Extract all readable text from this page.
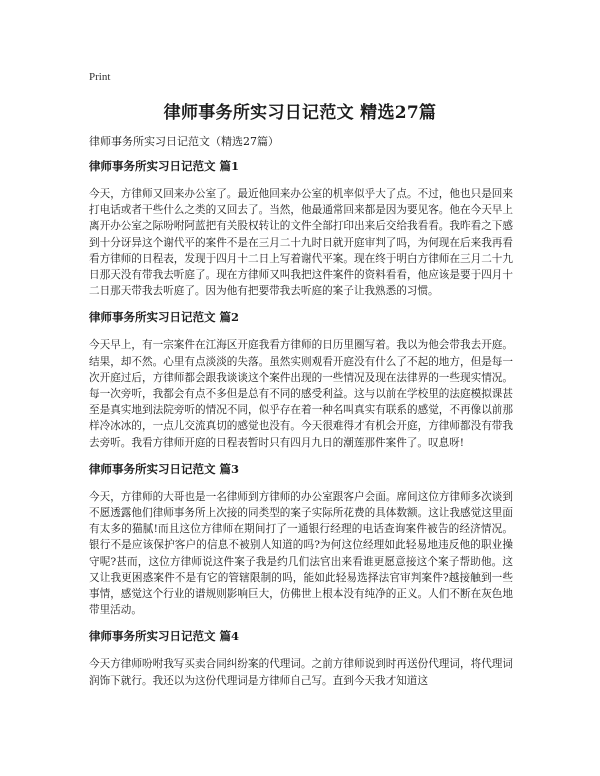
Print
律师事务所实习日记范文 精选27篇

律师事务所实习日记范文（精选27篇）

律师事务所实习日记范文 篇1

今天，方律师又回来办公室了。最近他回来办公室的机率似乎大了点。不过，他也只是回来打电话或者干些什么之类的又回去了。当然，他最通常回来都是因为要见客。他在今天早上离开办公室之际吩咐阿蓝把有关股权转让的文件全部打印出来后交给我看看。我昨看之下感到十分讶异这个谢代平的案件不是在三月二十九时日就开庭审判了吗，为何现在后来我再看看方律师的日程表，发现于四月十二日上写着谢代平案。现在终于明白方律师在三月二十九日那天没有带我去听庭了。现在方律师又叫我把这件案件的资料看看，他应该是要于四月十二日那天带我去听庭了。因为他有把要带我去听庭的案子让我熟悉的习惯。

律师事务所实习日记范文 篇2

今天早上，有一宗案件在江海区开庭我看方律师的日历里圈写着。我以为他会带我去开庭。结果，却不然。心里有点淡淡的失落。虽然实则观看开庭没有什么了不起的地方，但是每一次开庭过后，方律师都会跟我谈谈这个案件出现的一些情况及现在法律界的一些现实情况。每一次旁听，我都会有点不多但是总有不同的感受利益。这与以前在学校里的法庭模拟课甚至是真实地到法院旁听的情况不同，似乎存在着一种名叫真实有联系的感觉，不再像以前那样冷冰冰的，一点儿交流真切的感觉也没有。今天很难得才有机会开庭，方律师都没有带我去旁听。我看方律师开庭的日程表暂时只有四月九日的潮莲那件案件了。叹息呀!

律师事务所实习日记范文 篇3

今天，方律师的大哥也是一名律师到方律师的办公室跟客户会面。席间这位方律师多次谈到不愿透露他们律师事务所上次接的同类型的案子实际所花费的具体数额。这让我感觉这里面有太多的猫腻!而且这位方律师在期间打了一通银行经理的电话查询案件被告的经济情况。银行不是应该保护客户的信息不被别人知道的吗?为何这位经理如此轻易地违反他的职业操守呢?甚而，这位方律师说这件案子我是约几们法官出来看谁更愿意接这个案子帮助他。这又让我更困惑案件不是有它的管辖限制的吗，能如此轻易选择法官审判案件?越接触到一些事情，感觉这个行业的谱规则影响巨大，仿佛世上根本没有纯净的正义。人们不断在灰色地带里活动。

律师事务所实习日记范文 篇4

今天方律师吩咐我写买卖合同纠纷案的代理词。之前方律师说到时再送份代理词，将代理词润饰下就行。我还以为这份代理词是方律师自己写。直到今天我才知道这
